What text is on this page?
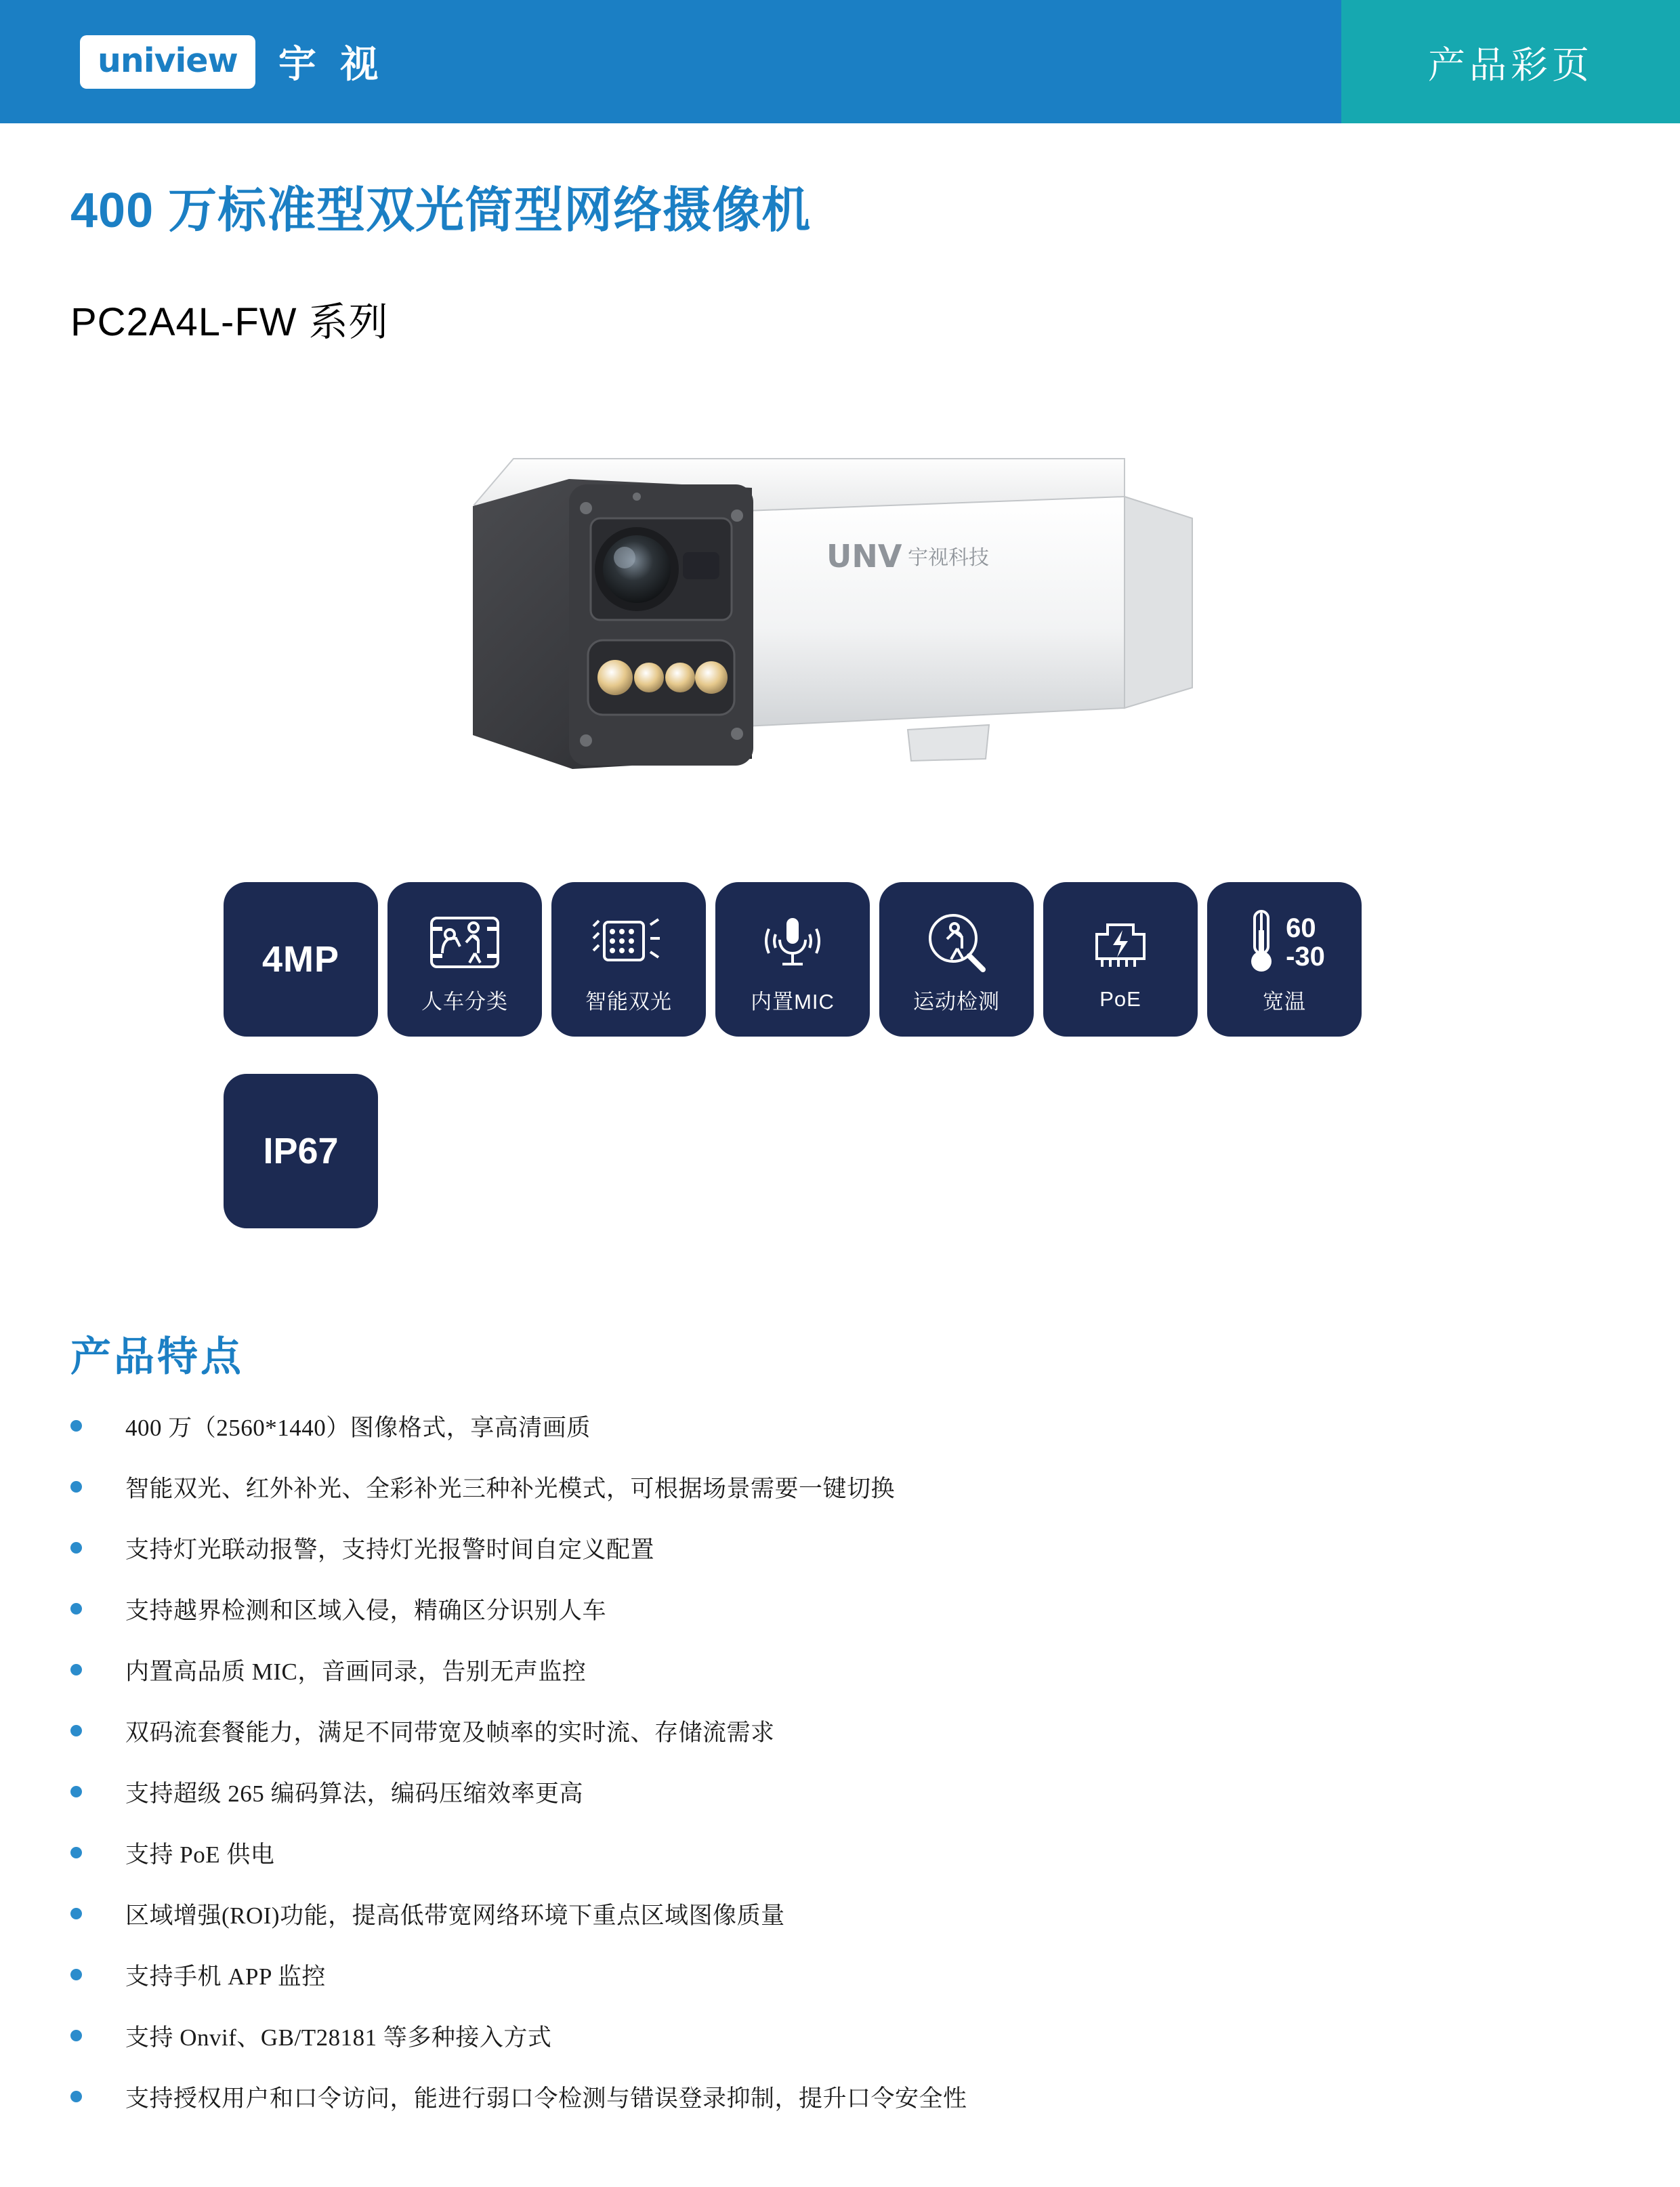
uniview 宇 视	产品彩页
400 万标准型双光筒型网络摄像机
PC2A4L-FW 系列
UNV 宇视科技
4MP
人车分类	智能双光	内置MIC	运动检测	PoE
60
-30
宽温
IP67
产品特点
400 万（2560*1440）图像格式，享高清画质
智能双光、红外补光、全彩补光三种补光模式，可根据场景需要一键切换
支持灯光联动报警，支持灯光报警时间自定义配置
支持越界检测和区域入侵，精确区分识别人车
内置高品质 MIC，音画同录，告别无声监控
双码流套餐能力，满足不同带宽及帧率的实时流、存储流需求
支持超级 265 编码算法，编码压缩效率更高
支持 PoE 供电
区域增强(ROI)功能，提高低带宽网络环境下重点区域图像质量
支持手机 APP 监控
支持 Onvif、GB/T28181 等多种接入方式
支持授权用户和口令访问，能进行弱口令检测与错误登录抑制，提升口令安全性
